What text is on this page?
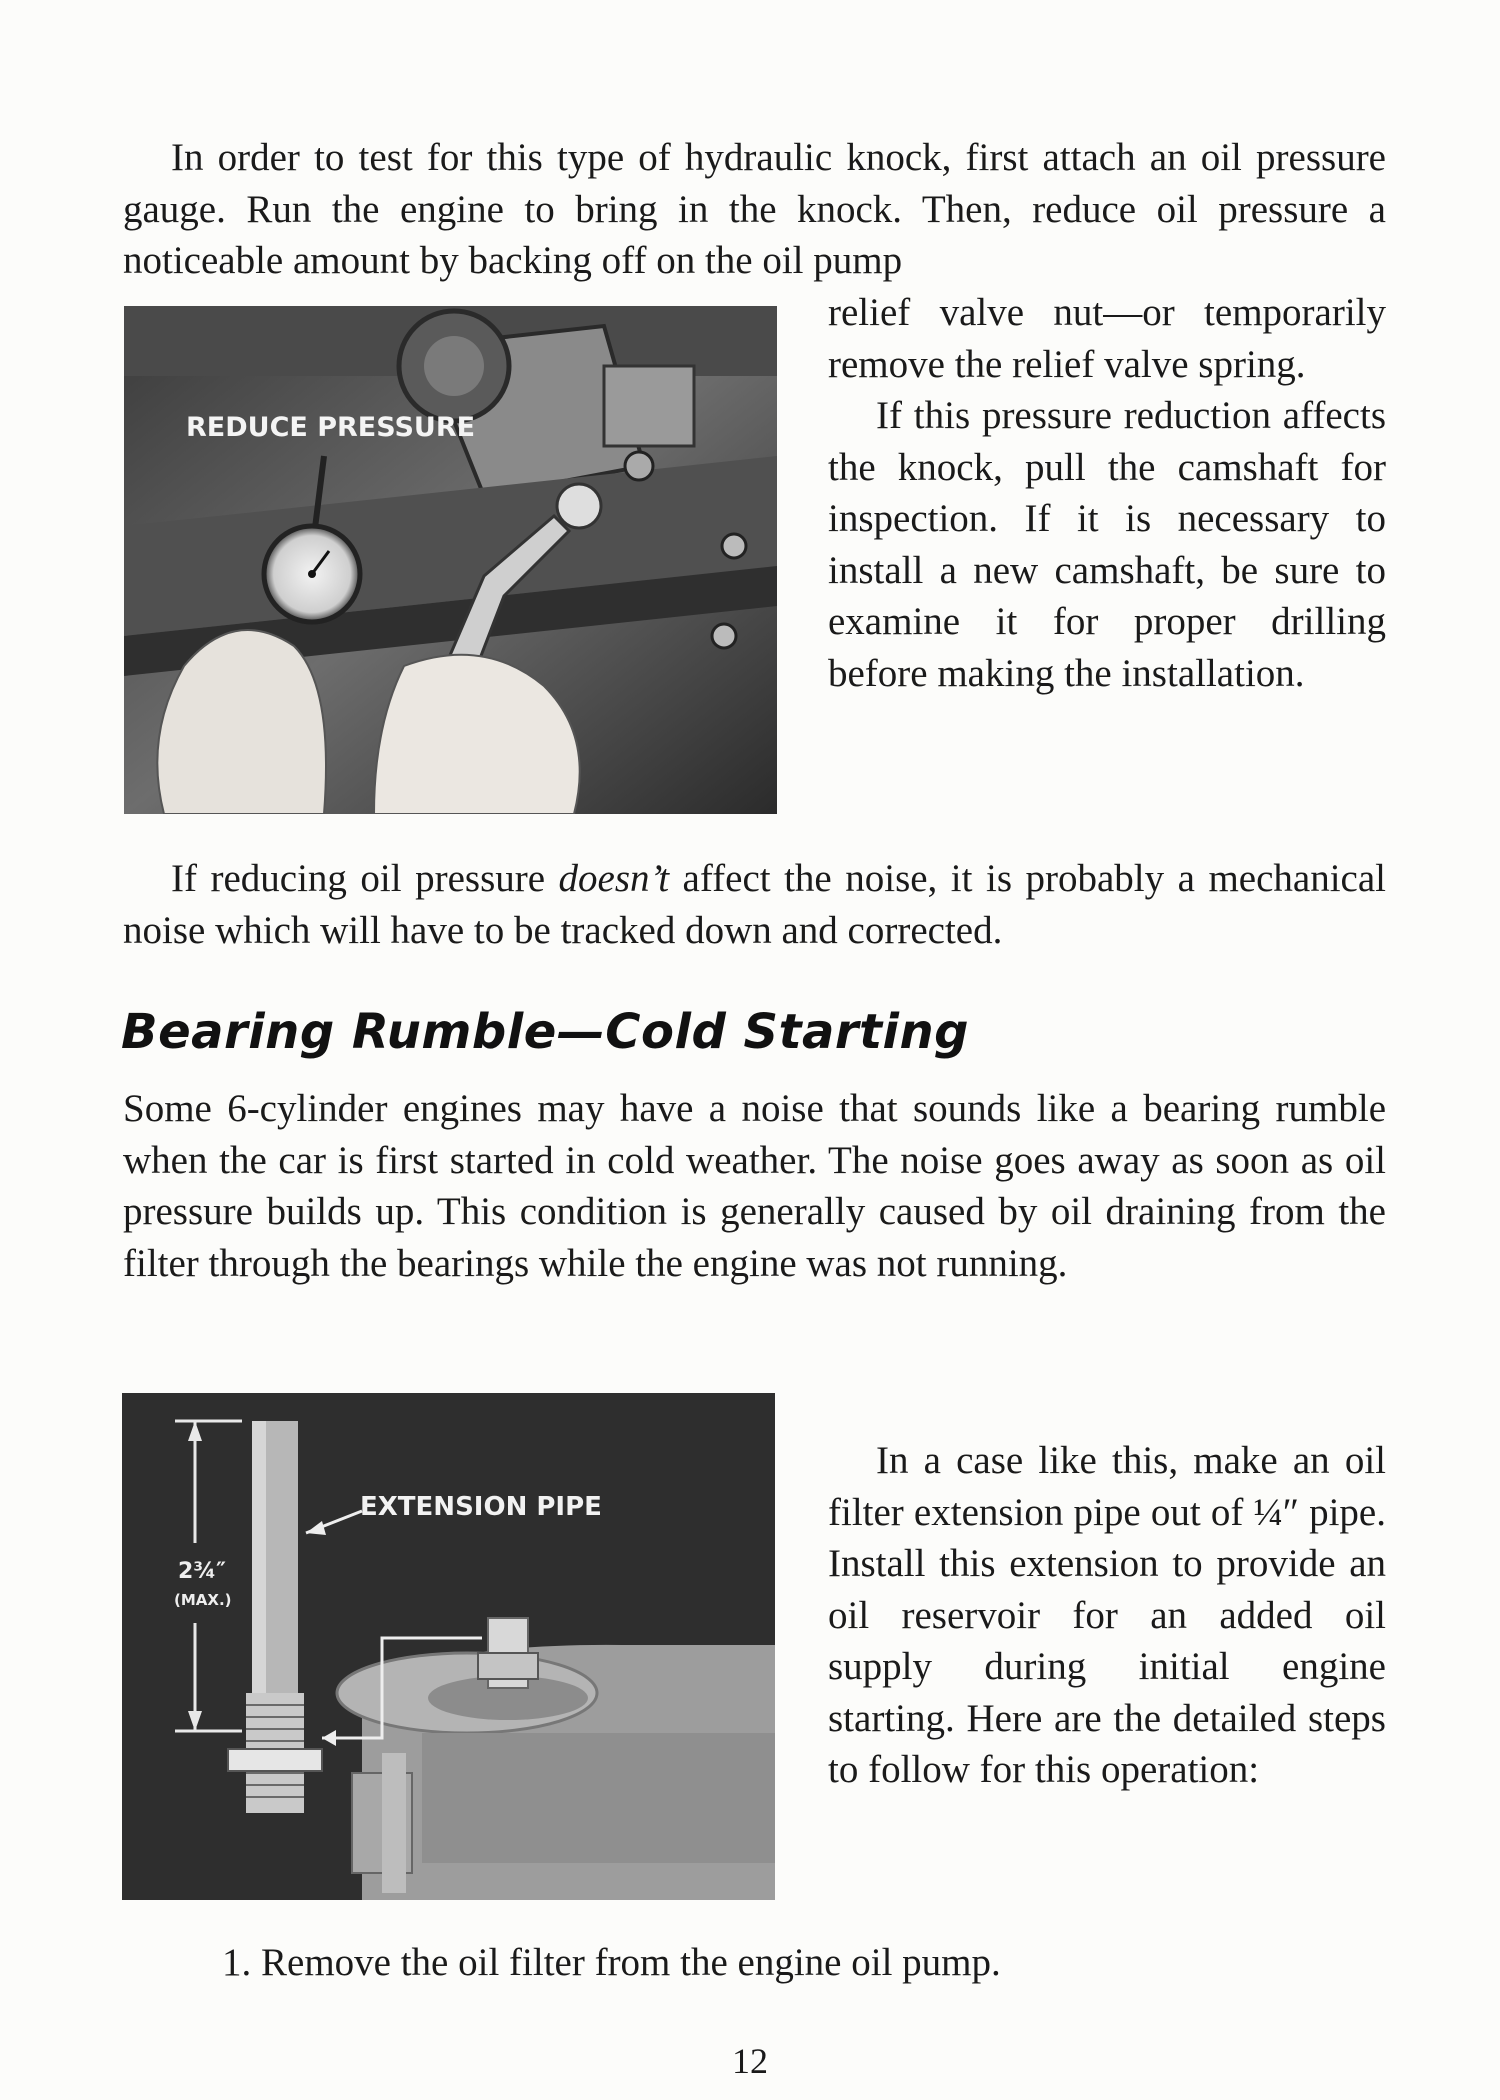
In order to test for this type of hydraulic knock, first attach an oil pressure gauge. Run the engine to bring in the knock. Then, reduce oil pressure a noticeable amount by backing off on the oil pump

REDUCE PRESSURE

relief valve nut—or temporarily remove the relief valve spring.

If this pressure reduction affects the knock, pull the camshaft for inspection. If it is necessary to install a new camshaft, be sure to examine it for proper drilling before making the installation.

If reducing oil pressure doesn’t affect the noise, it is probably a mechanical noise which will have to be tracked down and corrected.

Bearing Rumble—Cold Starting

Some 6-cylinder engines may have a noise that sounds like a bearing rumble when the car is first started in cold weather. The noise goes away as soon as oil pressure builds up. This condition is generally caused by oil draining from the filter through the bearings while the engine was not running.

2¾″
(MAX.)
EXTENSION PIPE

In a case like this, make an oil filter extension pipe out of ¼″ pipe. Install this extension to provide an oil reservoir for an added oil supply during initial engine starting. Here are the detailed steps to follow for this operation:

1. Remove the oil filter from the engine oil pump.
12
